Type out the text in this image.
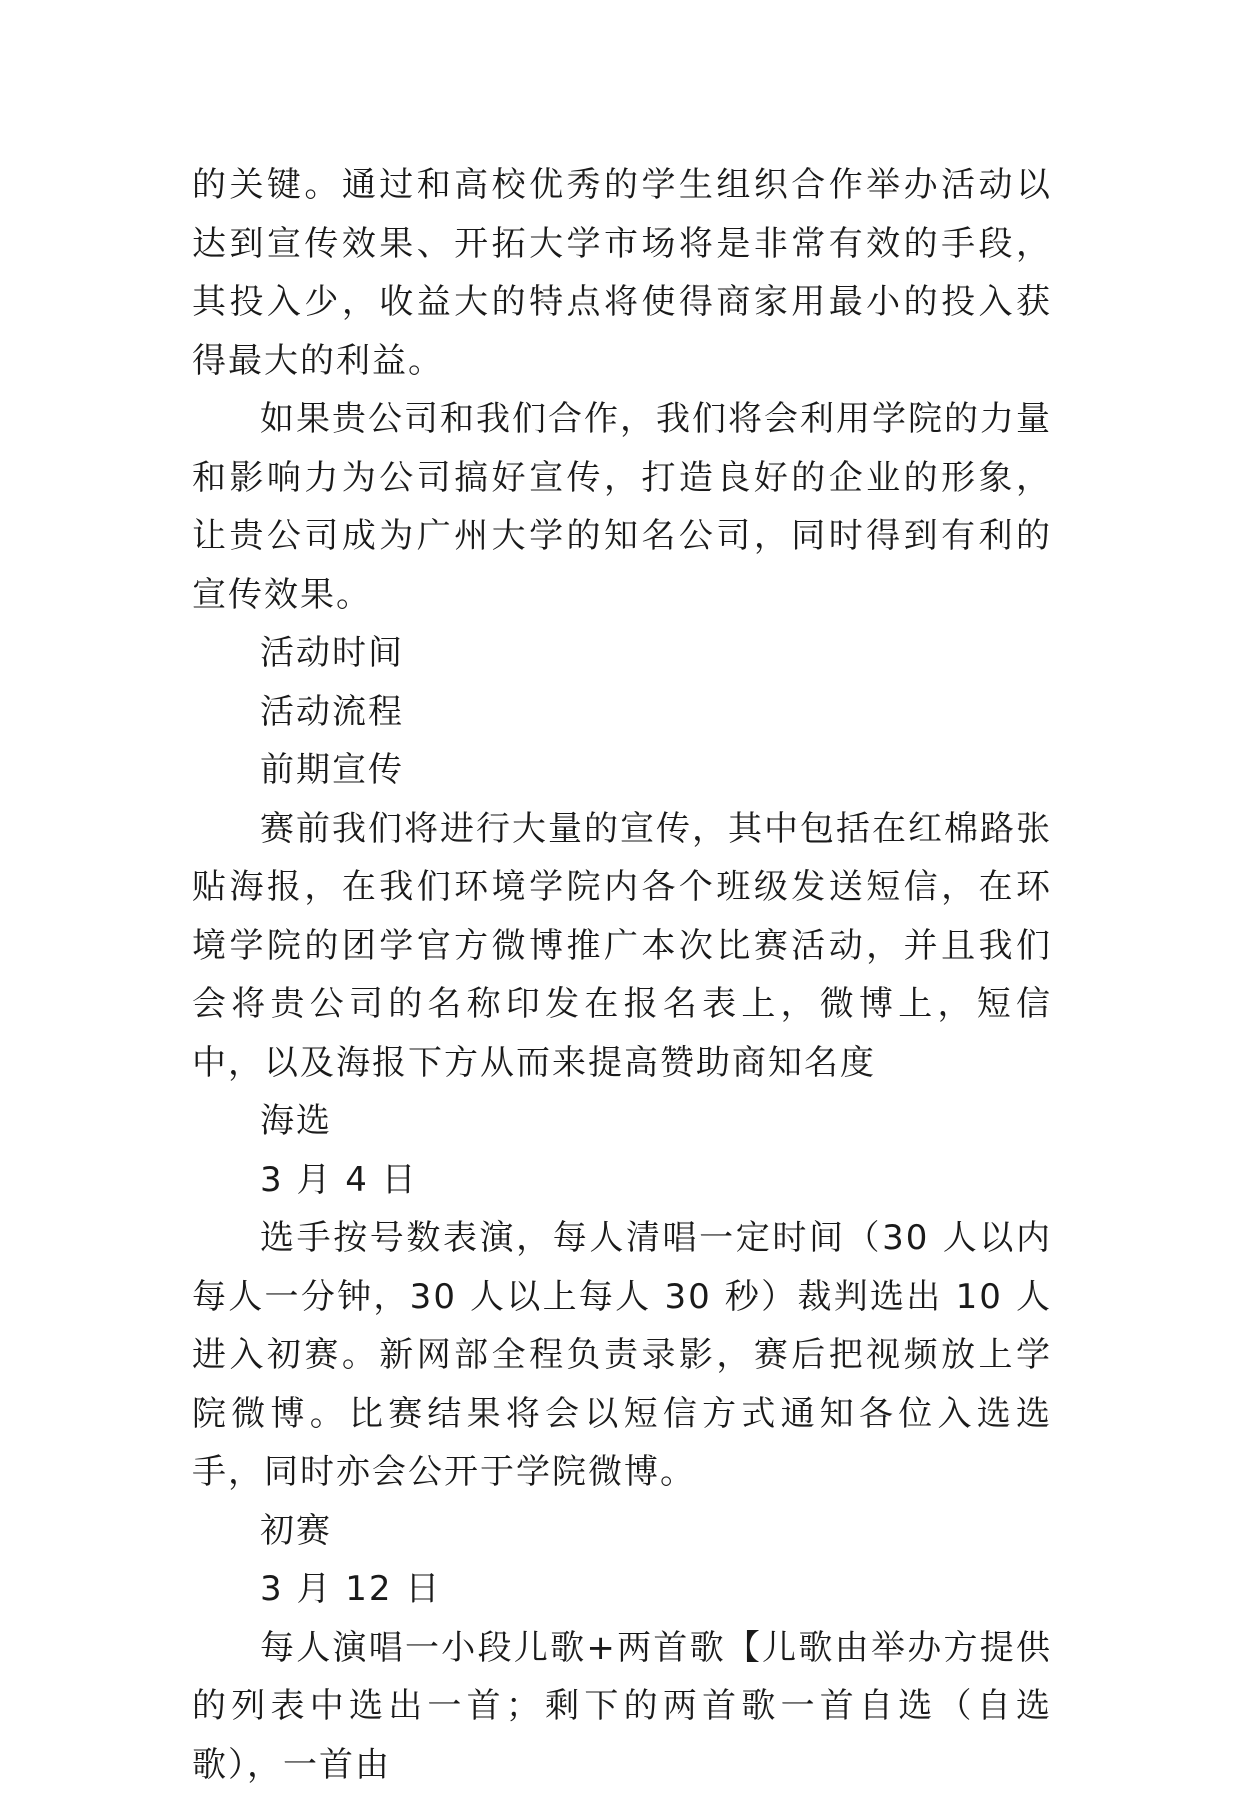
的关键。通过和高校优秀的学生组织合作举办活动以达到宣传效果、开拓大学市场将是非常有效的手段，其投入少，收益大的特点将使得商家用最小的投入获得最大的利益。

如果贵公司和我们合作，我们将会利用学院的力量和影响力为公司搞好宣传，打造良好的企业的形象，让贵公司成为广州大学的知名公司，同时得到有利的宣传效果。

活动时间

活动流程

前期宣传

赛前我们将进行大量的宣传，其中包括在红棉路张贴海报，在我们环境学院内各个班级发送短信，在环境学院的团学官方微博推广本次比赛活动，并且我们会将贵公司的名称印发在报名表上，微博上，短信中，以及海报下方从而来提高赞助商知名度

海选

3 月 4 日

选手按号数表演，每人清唱一定时间（30 人以内每人一分钟，30 人以上每人 30 秒）裁判选出 10 人进入初赛。新网部全程负责录影，赛后把视频放上学院微博。比赛结果将会以短信方式通知各位入选选手，同时亦会公开于学院微博。

初赛

3 月 12 日

每人演唱一小段儿歌+两首歌【儿歌由举办方提供的列表中选出一首；剩下的两首歌一首自选（自选歌），一首由
